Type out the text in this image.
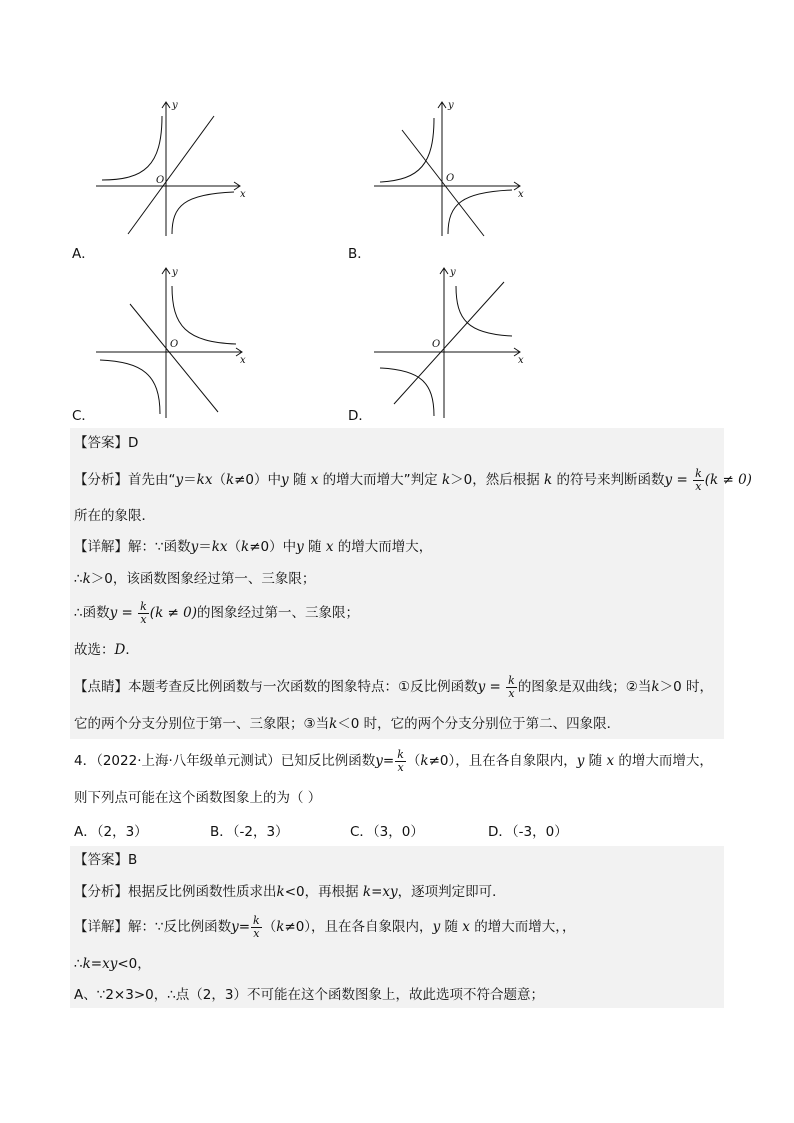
O
x
y
A．
O
x
y
B．
O
x
y
C．
O
x
y
D．
【答案】D
【分析】首先由“y＝kx（k≠0）中y 随 x 的增大而增大”判定 k＞0，然后根据 k 的符号来判断函数$y = \frac{k}{x} (k \ne 0)$
所在的象限．
【详解】解：∵函数y＝kx（k≠0）中y 随 x 的增大而增大，
∴k＞0，该函数图象经过第一、三象限；
∴函数$y = \frac{k}{x} (k \ne 0)$的图象经过第一、三象限；
故选：D．
【点睛】本题考查反比例函数与一次函数的图象特点：①反比例函数$y = \frac{k}{x}$ 的图象是双曲线；②当k＞0 时，
它的两个分支分别位于第一、三象限；③当k＜0 时，它的两个分支分别位于第二、四象限．
4．（2022·上海·八年级单元测试）已知反比例函数$y= \frac{k}{x} (k\ne 0)$，且在各自象限内，y 随 x 的增大而增大，
则下列点可能在这个函数图象上的为（ ）
A．（2，3）	B．（-2，3）	C．（3，0）	D．（-3，0）
【答案】B
【分析】根据反比例函数性质求出k<0，再根据 k=xy，逐项判定即可．
【详解】解：∵反比例函数$y= \frac{k}{x} (k\ne 0)$，且在各自象限内，y 随 x 的增大而增大，，
∴k=xy<0，
A、∵2×3>0，∴点（2，3）不可能在这个函数图象上，故此选项不符合题意；
